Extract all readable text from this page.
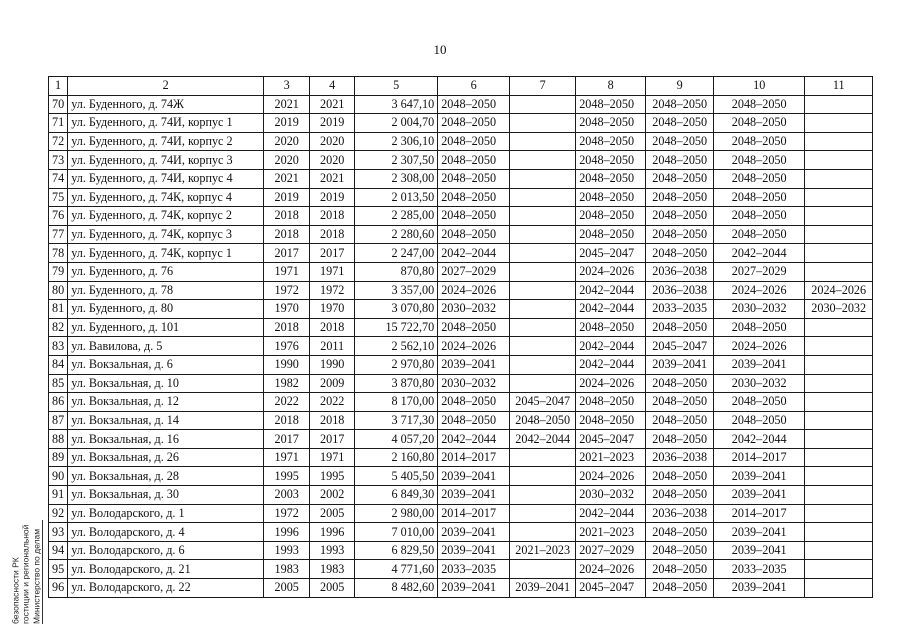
10
1	2	3	4	5	6	7	8	9	10	11
70	ул. Буденного, д. 74Ж	2021	2021	3 647,10	2048–2050		2048–2050	2048–2050	2048–2050	
71	ул. Буденного, д. 74И, корпус 1	2019	2019	2 004,70	2048–2050		2048–2050	2048–2050	2048–2050	
72	ул. Буденного, д. 74И, корпус 2	2020	2020	2 306,10	2048–2050		2048–2050	2048–2050	2048–2050	
73	ул. Буденного, д. 74И, корпус 3	2020	2020	2 307,50	2048–2050		2048–2050	2048–2050	2048–2050	
74	ул. Буденного, д. 74И, корпус 4	2021	2021	2 308,00	2048–2050		2048–2050	2048–2050	2048–2050	
75	ул. Буденного, д. 74К, корпус 4	2019	2019	2 013,50	2048–2050		2048–2050	2048–2050	2048–2050	
76	ул. Буденного, д. 74К, корпус 2	2018	2018	2 285,00	2048–2050		2048–2050	2048–2050	2048–2050	
77	ул. Буденного, д. 74К, корпус 3	2018	2018	2 280,60	2048–2050		2048–2050	2048–2050	2048–2050	
78	ул. Буденного, д. 74К, корпус 1	2017	2017	2 247,00	2042–2044		2045–2047	2048–2050	2042–2044	
79	ул. Буденного, д. 76	1971	1971	870,80	2027–2029		2024–2026	2036–2038	2027–2029	
80	ул. Буденного, д. 78	1972	1972	3 357,00	2024–2026		2042–2044	2036–2038	2024–2026	2024–2026
81	ул. Буденного, д. 80	1970	1970	3 070,80	2030–2032		2042–2044	2033–2035	2030–2032	2030–2032
82	ул. Буденного, д. 101	2018	2018	15 722,70	2048–2050		2048–2050	2048–2050	2048–2050	
83	ул. Вавилова, д. 5	1976	2011	2 562,10	2024–2026		2042–2044	2045–2047	2024–2026	
84	ул. Вокзальная, д. 6	1990	1990	2 970,80	2039–2041		2042–2044	2039–2041	2039–2041	
85	ул. Вокзальная, д. 10	1982	2009	3 870,80	2030–2032		2024–2026	2048–2050	2030–2032	
86	ул. Вокзальная, д. 12	2022	2022	8 170,00	2048–2050	2045–2047	2048–2050	2048–2050	2048–2050	
87	ул. Вокзальная, д. 14	2018	2018	3 717,30	2048–2050	2048–2050	2048–2050	2048–2050	2048–2050	
88	ул. Вокзальная, д. 16	2017	2017	4 057,20	2042–2044	2042–2044	2045–2047	2048–2050	2042–2044	
89	ул. Вокзальная, д. 26	1971	1971	2 160,80	2014–2017		2021–2023	2036–2038	2014–2017	
90	ул. Вокзальная, д. 28	1995	1995	5 405,50	2039–2041		2024–2026	2048–2050	2039–2041	
91	ул. Вокзальная, д. 30	2003	2002	6 849,30	2039–2041		2030–2032	2048–2050	2039–2041	
92	ул. Володарского, д. 1	1972	2005	2 980,00	2014–2017		2042–2044	2036–2038	2014–2017	
93	ул. Володарского, д. 4	1996	1996	7 010,00	2039–2041		2021–2023	2048–2050	2039–2041	
94	ул. Володарского, д. 6	1993	1993	6 829,50	2039–2041	2021–2023	2027–2029	2048–2050	2039–2041	
95	ул. Володарского, д. 21	1983	1983	4 771,60	2033–2035		2024–2026	2048–2050	2033–2035	
96	ул. Володарского, д. 22	2005	2005	8 482,60	2039–2041	2039–2041	2045–2047	2048–2050	2039–2041	
Министерство по делам
гостиции и региональной
безопасности РК
